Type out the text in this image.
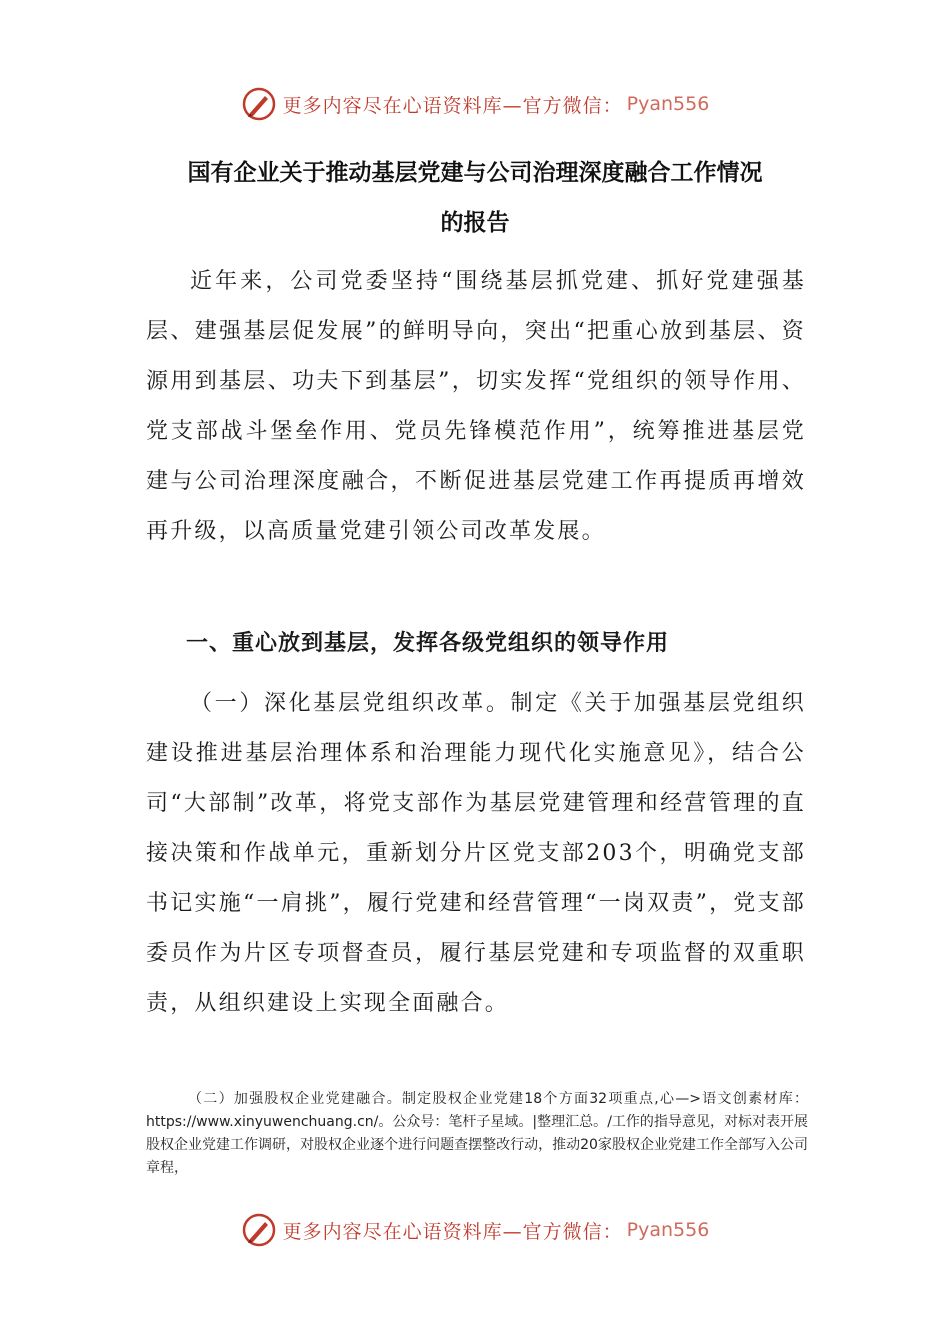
更多内容尽在心语资料库—官方微信： Pyan556
国有企业关于推动基层党建与公司治理深度融合工作情况
的报告

近年来，公司党委坚持“围绕基层抓党建、抓好党建强基层、建强基层促发展”的鲜明导向，突出“把重心放到基层、资源用到基层、功夫下到基层”，切实发挥“党组织的领导作用、党支部战斗堡垒作用、党员先锋模范作用”，统筹推进基层党建与公司治理深度融合，不断促进基层党建工作再提质再增效再升级，以高质量党建引领公司改革发展。

一、重心放到基层，发挥各级党组织的领导作用

（一）深化基层党组织改革。制定《关于加强基层党组织建设推进基层治理体系和治理能力现代化实施意见》，结合公司“大部制”改革，将党支部作为基层党建管理和经营管理的直接决策和作战单元，重新划分片区党支部203个，明确党支部书记实施“一肩挑”，履行党建和经营管理“一岗双责”，党支部委员作为片区专项督查员，履行基层党建和专项监督的双重职责，从组织建设上实现全面融合。

（二）加强股权企业党建融合。制定股权企业党建18个方面32项重点,心—>语文创素材库：https://www.xinyuwenchuang.cn/。公众号：笔杆子星域。|整理汇总。/工作的指导意见，对标对表开展股权企业党建工作调研，对股权企业逐个进行问题查摆整改行动，推动20家股权企业党建工作全部写入公司章程，

更多内容尽在心语资料库—官方微信： Pyan556
